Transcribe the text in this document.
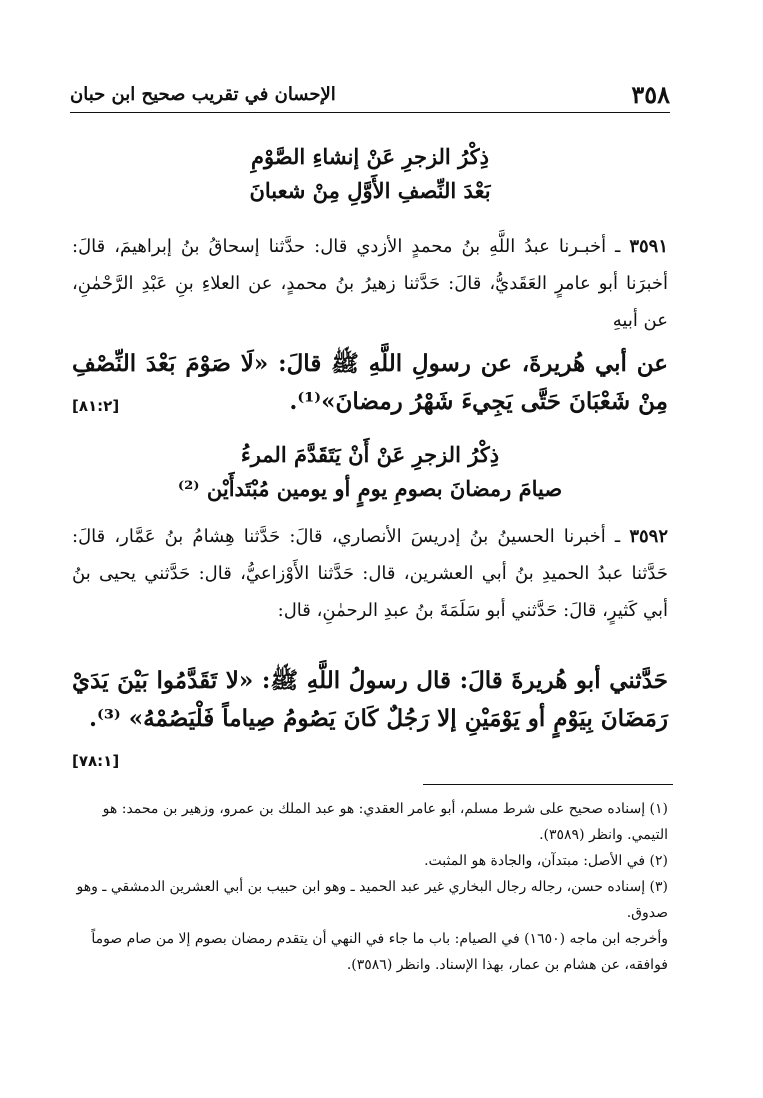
الإحسان في تقريب صحيح ابن حبان	٣٥٨
ذِكْرُ الزجرِ عَنْ إنشاءِ الصَّوْمِ
بَعْدَ النِّصفِ الأَوَّلِ مِنْ شعبانَ
٣٥٩١ ـ أخبـرنا عبدُ اللَّهِ بنُ محمدٍ الأزدي قال: حدَّثنا إسحاقُ بنُ إبراهيمَ، قالَ: أخبرَنا أبو عامرٍ العَقَديُّ، قالَ: حَدَّثنا زهيرُ بنُ محمدٍ، عن العلاءِ بنِ عَبْدِ الرَّحْمٰنِ، عن أبيهِ
عن أبي هُريرةَ، عن رسولِ اللَّهِ ﷺ قالَ: «لَا صَوْمَ بَعْدَ النِّصْفِ مِنْ شَعْبَانَ حَتَّى يَجِيءَ شَهْرُ رمضانَ»⁽¹⁾.
[٨١:٢]
ذِكْرُ الزجرِ عَنْ أَنْ يَتَقَدَّمَ المرءُ
صيامَ رمضانَ بصومِ يومٍ أو يومين مُبْتَدأَيْن ⁽²⁾
٣٥٩٢ ـ أخبرنا الحسينُ بنُ إدريسَ الأنصاري، قالَ: حَدَّثنا هِشامُ بنُ عَمَّار، قالَ: حَدَّثنا عبدُ الحميدِ بنُ أبي العشرين، قال: حَدَّثنا الأَوْزاعيُّ، قال: حَدَّثني يحيى بنُ أبي كَثيرٍ، قالَ: حَدَّثني أبو سَلَمَةَ بنُ عبدِ الرحمٰنِ، قال:
حَدَّثني أبو هُريرةَ قالَ: قال رسولُ اللَّهِ ﷺ: «لا تَقَدَّمُوا بَيْنَ يَدَيْ رَمَضَانَ بِيَوْمٍ أو يَوْمَيْنِ إلا رَجُلٌ كَانَ يَصُومُ صِياماً فَلْيَصُمْهُ» ⁽³⁾.
[٧٨:١]

(١) إسناده صحيح على شرط مسلم، أبو عامر العقدي: هو عبد الملك بن عمرو، وزهير بن محمد: هو التيمي. وانظر (٣٥٨٩).

(٢) في الأصل: مبتدآن، والجادة هو المثبت.

(٣) إسناده حسن، رجاله رجال البخاري غير عبد الحميد ـ وهو ابن حبيب بن أبي العشرين الدمشقي ـ وهو صدوق.

وأخرجه ابن ماجه (١٦٥٠) في الصيام: باب ما جاء في النهي أن يتقدم رمضان بصوم إلا من صام صوماً فوافقه، عن هشام بن عمار، بهذا الإسناد. وانظر (٣٥٨٦).
